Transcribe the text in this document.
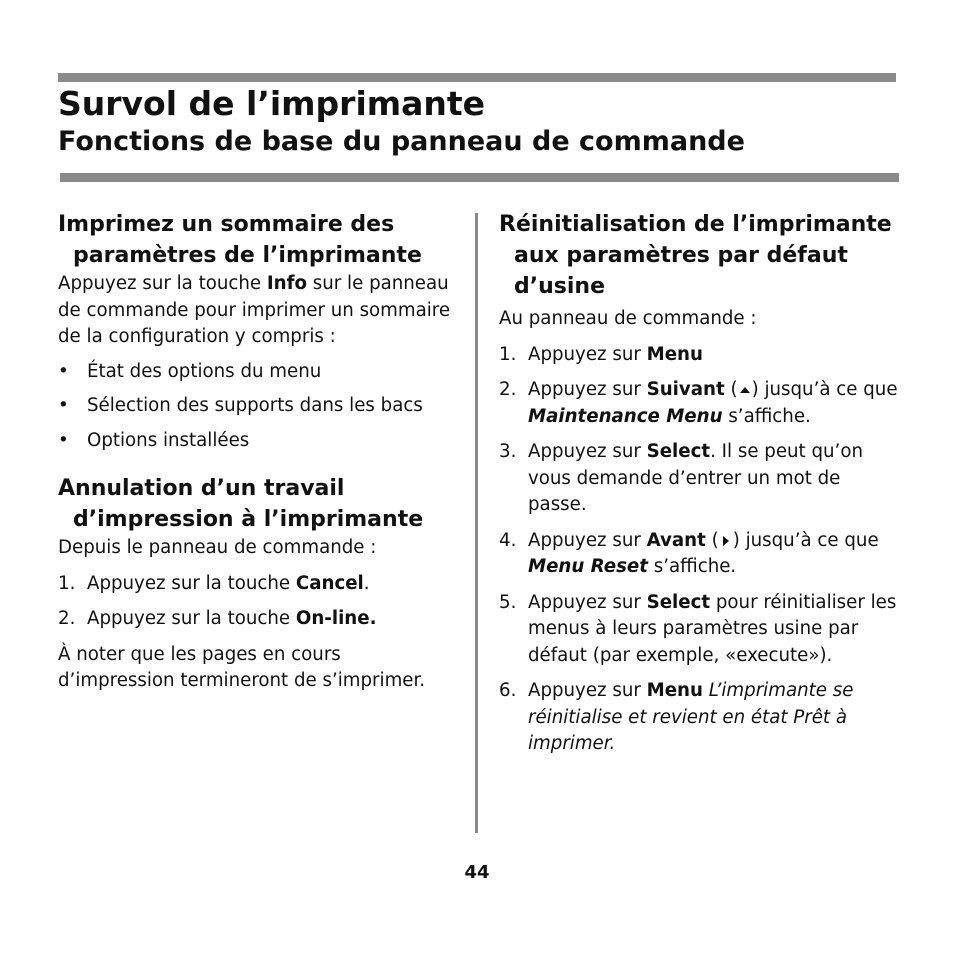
Survol de l’imprimante
Fonctions de base du panneau de commande
Imprimez un sommaire des paramètres de l’imprimante

Appuyez sur la touche Info sur le panneau de commande pour imprimer un sommaire de la configuration y compris :

• État des options du menu
• Sélection des supports dans les bacs
• Options installées
Annulation d’un travail d’impression à l’imprimante

Depuis le panneau de commande :

1. Appuyez sur la touche Cancel.
2. Appuyez sur la touche On-line.

À noter que les pages en cours d’impression termineront de s’imprimer.

Réinitialisation de l’imprimante aux paramètres par défaut d’usine

Au panneau de commande :

1. Appuyez sur Menu
2. Appuyez sur Suivant ( ) jusqu’à ce que Maintenance Menu s’affiche.
3. Appuyez sur Select. Il se peut qu’on vous demande d’entrer un mot de passe.
4. Appuyez sur Avant ( ) jusqu’à ce que Menu Reset s’affiche.
5. Appuyez sur Select pour réinitialiser les menus à leurs paramètres usine par défaut (par exemple, «execute»).
6. Appuyez sur Menu L’imprimante se réinitialise et revient en état Prêt à imprimer.
44
